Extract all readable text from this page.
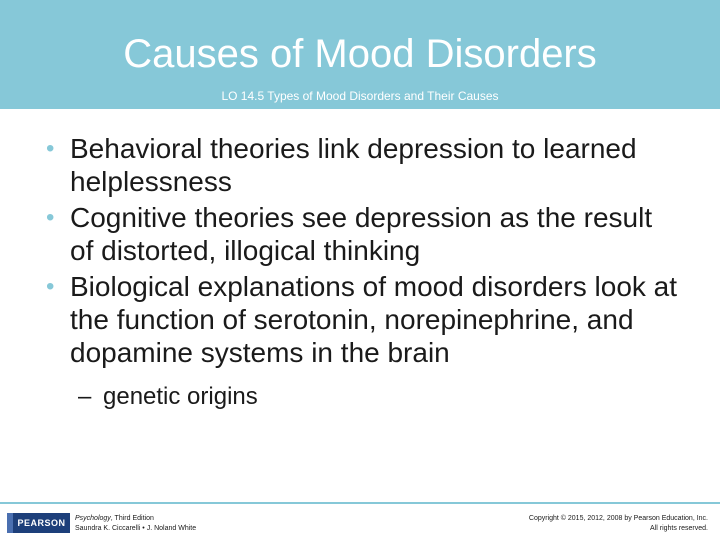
Causes of Mood Disorders
LO 14.5 Types of Mood Disorders and Their Causes
• Behavioral theories link depression to learned helplessness
• Cognitive theories see depression as the result of distorted, illogical thinking
• Biological explanations of mood disorders look at the function of serotonin, norepinephrine, and dopamine systems in the brain
– genetic origins
PEARSON	Psychology, Third Edition
Saundra K. Ciccarelli • J. Noland White
Copyright © 2015, 2012, 2008 by Pearson Education, Inc.
All rights reserved.
